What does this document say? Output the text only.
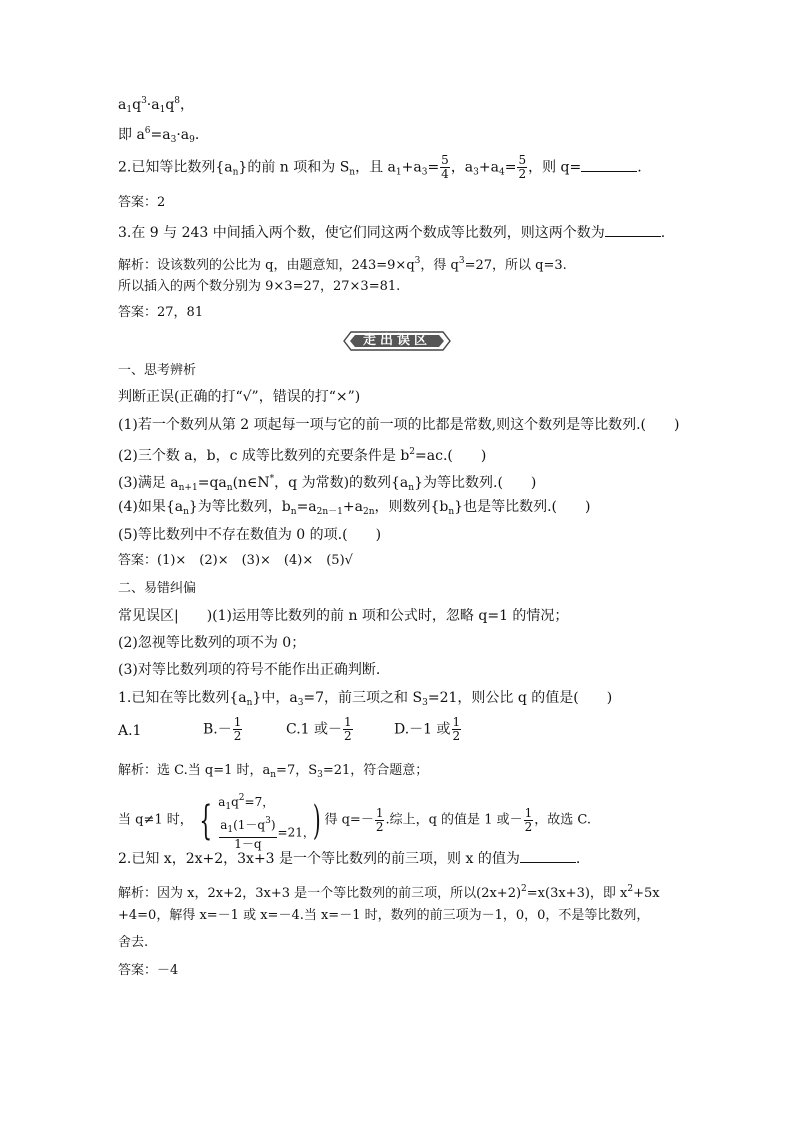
$a_1q^3\cdot a_1q^8$，
即 $a^6=a_3\cdot a_9$.
2.已知等比数列$\{a_n\}$的前 n 项和为 $S_n$，且 $a_1+a_3= \frac{5}{4}$ ，$a_3+a_4= \frac{5}{2}$ ，则 q=	.
答案：2
3.在 9 与 243 中间插入两个数，使它们同这两个数成等比数列，则这两个数为	.
解析：设该数列的公比为 q，由题意知，$243=9\times q^3$，得 $q^3=27$，所以 q=3.
所以插入的两个数分别为 9×3=27，27×3=81.
答案：27，81
走出误区
一、思考辨析
判断正误(正确的打“√”，错误的打“×”)
(1)若一个数列从第 2 项起每一项与它的前一项的比都是常数,则这个数列是等比数列.( )
(2)三个数 a，b，c 成等比数列的充要条件是 $b^2=ac$.( )
(3)满足 $a_{n+1}=qa_n(n\in N^*$，q 为常数)的数列$\{a_n\}$为等比数列.( )
(4)如果$\{a_n\}$为等比数列，$b_n=a_{2n-1}+a_{2n}$，则数列$\{b_n\}$也是等比数列.( )
(5)等比数列中不存在数值为 0 的项.( )
答案：(1)×　(2)×　(3)×　(4)×　(5)√
二、易错纠偏
常见误区| )(1)运用等比数列的前 n 项和公式时，忽略 q=1 的情况；
(2)忽视等比数列的项不为 0；
(3)对等比数列项的符号不能作出正确判断.
1.已知在等比数列$\{a_n\}$中，$a_3=7$，前三项之和 $S_3=21$，则公比 q 的值是( )
A.1	$B.- \frac{1}{2}$	C.1 或－ $\frac{1}{2}$	D.－1 或 $\frac{1}{2}$
解析：选 C.当 q=1 时，$a_n=7$，$S_3=21$，符合题意；
当 q≠1 时， { $a_1q^2=7$，
$\frac{a_1(1-q^3)}{1-q} =21$，
) 得 $q=- \frac{1}{2}$ .综上，q 的值是 1 或－ $\frac{1}{2}$ ，故选 C.
2.已知 x，2x+2，3x+3 是一个等比数列的前三项，则 x 的值为	.
解析：因为 x，2x+2，3x+3 是一个等比数列的前三项，所以$(2x+2)^2=x(3x+3)$，即 $x^2+5x$
+4=0，解得 x=－1 或 x=－4.当 x=－1 时，数列的前三项为－1，0，0，不是等比数列，
舍去.
答案：－4
